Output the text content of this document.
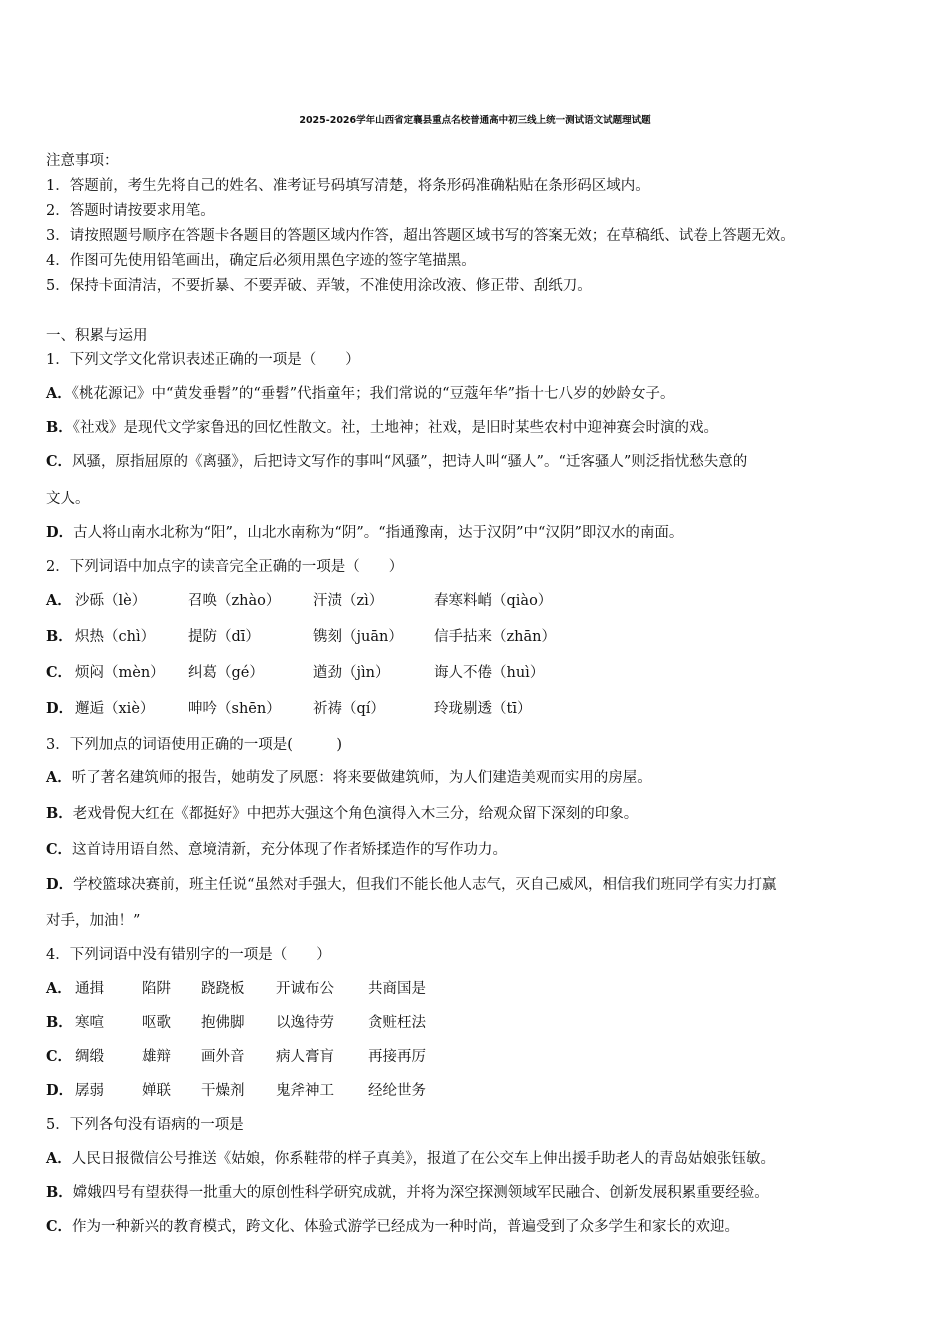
2025-2026学年山西省定襄县重点名校普通高中初三线上统一测试语文试题理试题
注意事项：
1．答题前，考生先将自己的姓名、准考证号码填写清楚，将条形码准确粘贴在条形码区域内。
2．答题时请按要求用笔。
3．请按照题号顺序在答题卡各题目的答题区域内作答，超出答题区域书写的答案无效；在草稿纸、试卷上答题无效。
4．作图可先使用铅笔画出，确定后必须用黑色字迹的签字笔描黑。
5．保持卡面清洁，不要折暴、不要弄破、弄皱，不准使用涂改液、修正带、刮纸刀。
一、积累与运用
1．下列文学文化常识表述正确的一项是（　　）
A．《桃花源记》中“黄发垂髫”的“垂髫”代指童年；我们常说的“豆蔻年华”指十七八岁的妙龄女子。
B．《社戏》是现代文学家鲁迅的回忆性散文。社，土地神；社戏，是旧时某些农村中迎神赛会时演的戏。
C．风骚，原指屈原的《离骚》，后把诗文写作的事叫“风骚”，把诗人叫“骚人”。“迁客骚人”则泛指忧愁失意的
文人。
D．古人将山南水北称为“阳”，山北水南称为“阴”。“指通豫南，达于汉阴”中“汉阴”即汉水的南面。
2．下列词语中加点字的读音完全正确的一项是（　　）
A． 沙砾（lè）	召唤（zhào） 汗渍（zì）	春寒料峭（qiào）
B． 炽热（chì） 提防（dī）	镌刻（juān） 信手拈来（zhān）
C． 烦闷（mèn） 纠葛（gé）	遒劲（jìn）	诲人不倦（huì）
D． 邂逅（xiè） 呻吟（shēn） 祈祷（qí）	玲珑剔透（tī）
3．下列加点的词语使用正确的一项是(　　　)
A．听了著名建筑师的报告，她萌发了夙愿：将来要做建筑师，为人们建造美观而实用的房屋。
B．老戏骨倪大红在《都挺好》中把苏大强这个角色演得入木三分，给观众留下深刻的印象。
C．这首诗用语自然、意境清新，充分体现了作者矫揉造作的写作功力。
D．学校篮球决赛前，班主任说“虽然对手强大，但我们不能长他人志气，灭自己威风，相信我们班同学有实力打赢
对手，加油！”
4．下列词语中没有错别字的一项是（　　）
A． 通揖	陷阱 跷跷板 开诚布公 共商国是
B． 寒喧	呕歌 抱佛脚 以逸待劳 贪赃枉法
C． 绸缎	雄辩 画外音 病人膏肓 再接再厉
D． 孱弱	婵联 干燥剂 鬼斧神工 经纶世务
5．下列各句没有语病的一项是
A．人民日报微信公号推送《姑娘，你系鞋带的样子真美》，报道了在公交车上伸出援手助老人的青岛姑娘张钰敏。
B．嫦娥四号有望获得一批重大的原创性科学研究成就，并将为深空探测领域军民融合、创新发展积累重要经验。
C．作为一种新兴的教育模式，跨文化、体验式游学已经成为一种时尚，普遍受到了众多学生和家长的欢迎。
